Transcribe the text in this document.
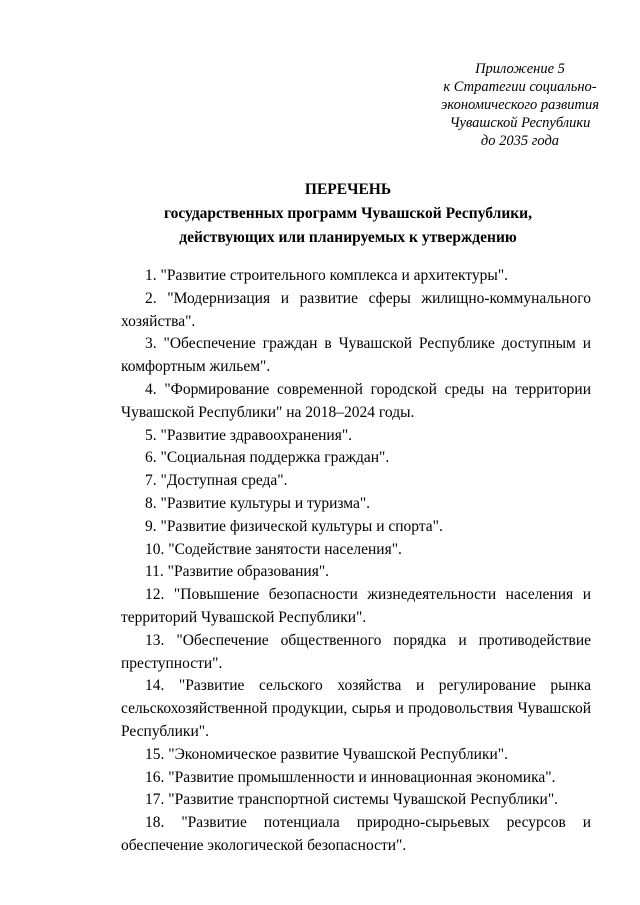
Приложение 5
к Стратегии социально-
экономического развития
Чувашской Республики
до 2035 года
ПЕРЕЧЕНЬ
государственных программ Чувашской Республики,
действующих или планируемых к утверждению

1. "Развитие строительного комплекса и архитектуры".

2. "Модернизация и развитие сферы жилищно-коммунального хозяйства".

3. "Обеспечение граждан в Чувашской Республике доступным и комфортным жильем".

4. "Формирование современной городской среды на территории Чувашской Республики" на 2018–2024 годы.

5. "Развитие здравоохранения".

6. "Социальная поддержка граждан".

7. "Доступная среда".

8. "Развитие культуры и туризма".

9. "Развитие физической культуры и спорта".

10. "Содействие занятости населения".

11. "Развитие образования".

12. "Повышение безопасности жизнедеятельности населения и территорий Чувашской Республики".

13. "Обеспечение общественного порядка и противодействие преступности".

14. "Развитие сельского хозяйства и регулирование рынка сельскохозяйственной продукции, сырья и продовольствия Чувашской Республики".

15. "Экономическое развитие Чувашской Республики".

16. "Развитие промышленности и инновационная экономика".

17. "Развитие транспортной системы Чувашской Республики".

18. "Развитие потенциала природно-сырьевых ресурсов и обеспечение экологической безопасности".
